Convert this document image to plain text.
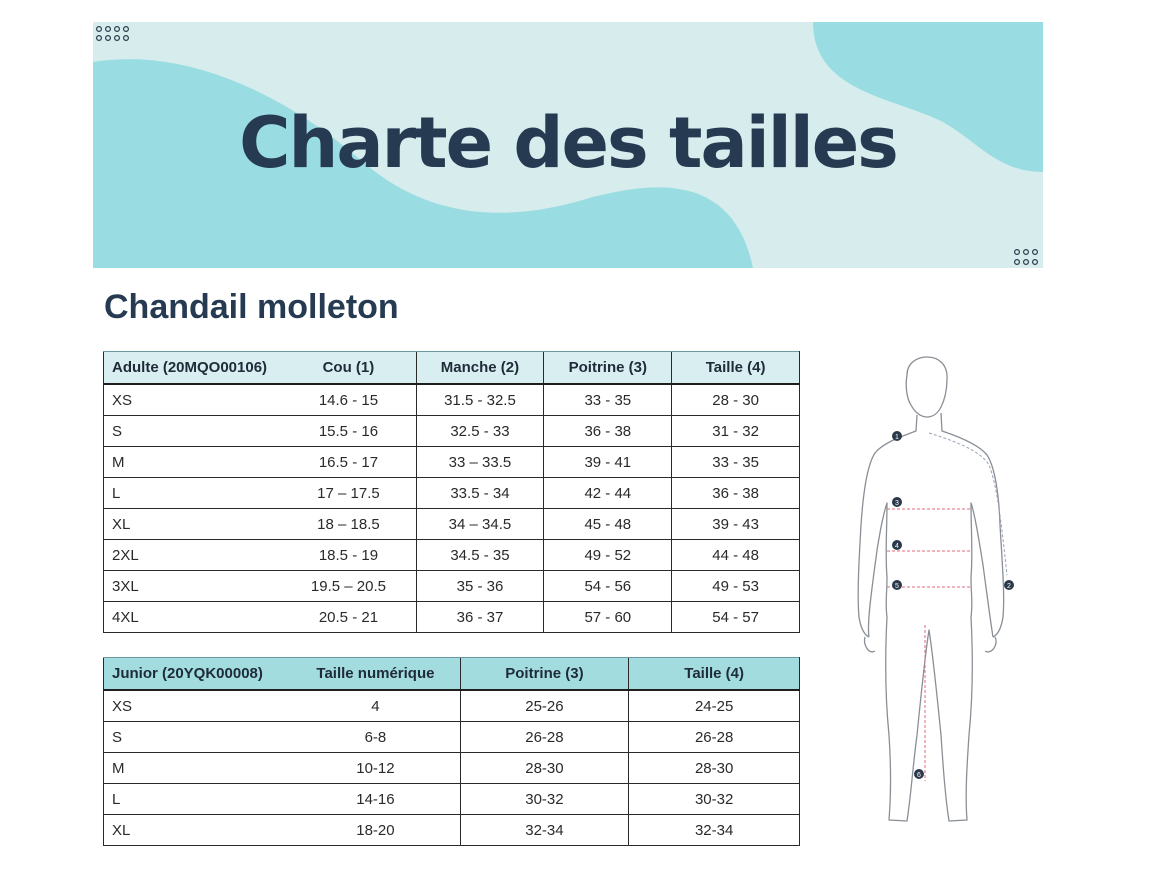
Charte des tailles
Chandail molleton
Adulte (20MQO00106)	Cou (1)	Manche (2)	Poitrine (3)	Taille (4)
XS	14.6 - 15	31.5 - 32.5	33 - 35	28 - 30
S	15.5 - 16	32.5 - 33	36 - 38	31 - 32
M	16.5 - 17	33 – 33.5	39 - 41	33 - 35
L	17 – 17.5	33.5 - 34	42 - 44	36 - 38
XL	18 – 18.5	34 – 34.5	45 - 48	39 - 43
2XL	18.5 - 19	34.5 - 35	49 - 52	44 - 48
3XL	19.5 – 20.5	35 - 36	54 - 56	49 - 53
4XL	20.5 - 21	36 - 37	57 - 60	54 - 57
Junior (20YQK00008)	Taille numérique	Poitrine (3)	Taille (4)
XS	4	25-26	24-25
S	6-8	26-28	26-28
M	10-12	28-30	28-30
L	14-16	30-32	30-32
XL	18-20	32-34	32-34
1
2
3
4
5
6
